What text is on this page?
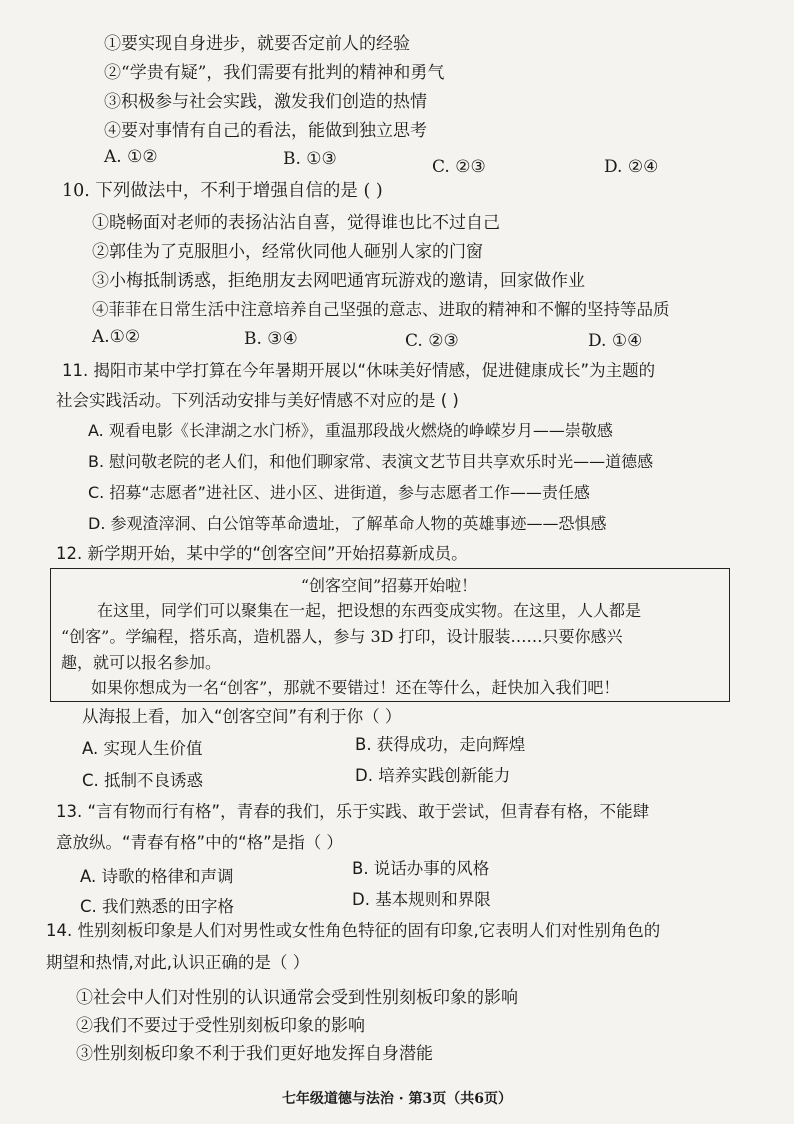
①要实现自身进步，就要否定前人的经验
②“学贵有疑”，我们需要有批判的精神和勇气
③积极参与社会实践，激发我们创造的热情
④要对事情有自己的看法，能做到独立思考
A. ①②	B. ①③	C. ②③	D. ②④
10. 下列做法中，不利于增强自信的是 ( )
①晓畅面对老师的表扬沾沾自喜，觉得谁也比不过自己
②郭佳为了克服胆小，经常伙同他人砸别人家的门窗
③小梅抵制诱惑，拒绝朋友去网吧通宵玩游戏的邀请，回家做作业
④菲菲在日常生活中注意培养自己坚强的意志、进取的精神和不懈的坚持等品质
A.①②	B. ③④	C. ②③	D. ①④
11. 揭阳市某中学打算在今年暑期开展以“休味美好情感，促进健康成长”为主题的
社会实践活动。下列活动安排与美好情感不对应的是 ( )
A. 观看电影《长津湖之水门桥》，重温那段战火燃烧的峥嵘岁月——崇敬感
B. 慰问敬老院的老人们，和他们聊家常、表演文艺节目共享欢乐时光——道德感
C. 招募“志愿者”进社区、进小区、进街道，参与志愿者工作——责任感
D. 参观渣滓洞、白公馆等革命遗址，了解革命人物的英雄事迹——恐惧感
12. 新学期开始，某中学的“创客空间”开始招募新成员。
“创客空间”招募开始啦！
在这里，同学们可以聚集在一起，把设想的东西变成实物。在这里，人人都是
“创客”。学编程，搭乐高，造机器人，参与 3D 打印，设计服装……只要你感兴
趣，就可以报名参加。
如果你想成为一名“创客”，那就不要错过！还在等什么，赶快加入我们吧！
从海报上看，加入“创客空间”有利于你（ ）
A. 实现人生价值	B. 获得成功，走向辉煌
C. 抵制不良诱惑	D. 培养实践创新能力
13. “言有物而行有格”，青春的我们，乐于实践、敢于尝试，但青春有格，不能肆
意放纵。“青春有格”中的“格”是指（ ）
A. 诗歌的格律和声调	B. 说话办事的风格
C. 我们熟悉的田字格	D. 基本规则和界限
14. 性别刻板印象是人们对男性或女性角色特征的固有印象,它表明人们对性别角色的
期望和热情,对此,认识正确的是（ ）
①社会中人们对性别的认识通常会受到性别刻板印象的影响
②我们不要过于受性别刻板印象的影响
③性别刻板印象不利于我们更好地发挥自身潜能
七年级道德与法治 · 第3页（共6页）
